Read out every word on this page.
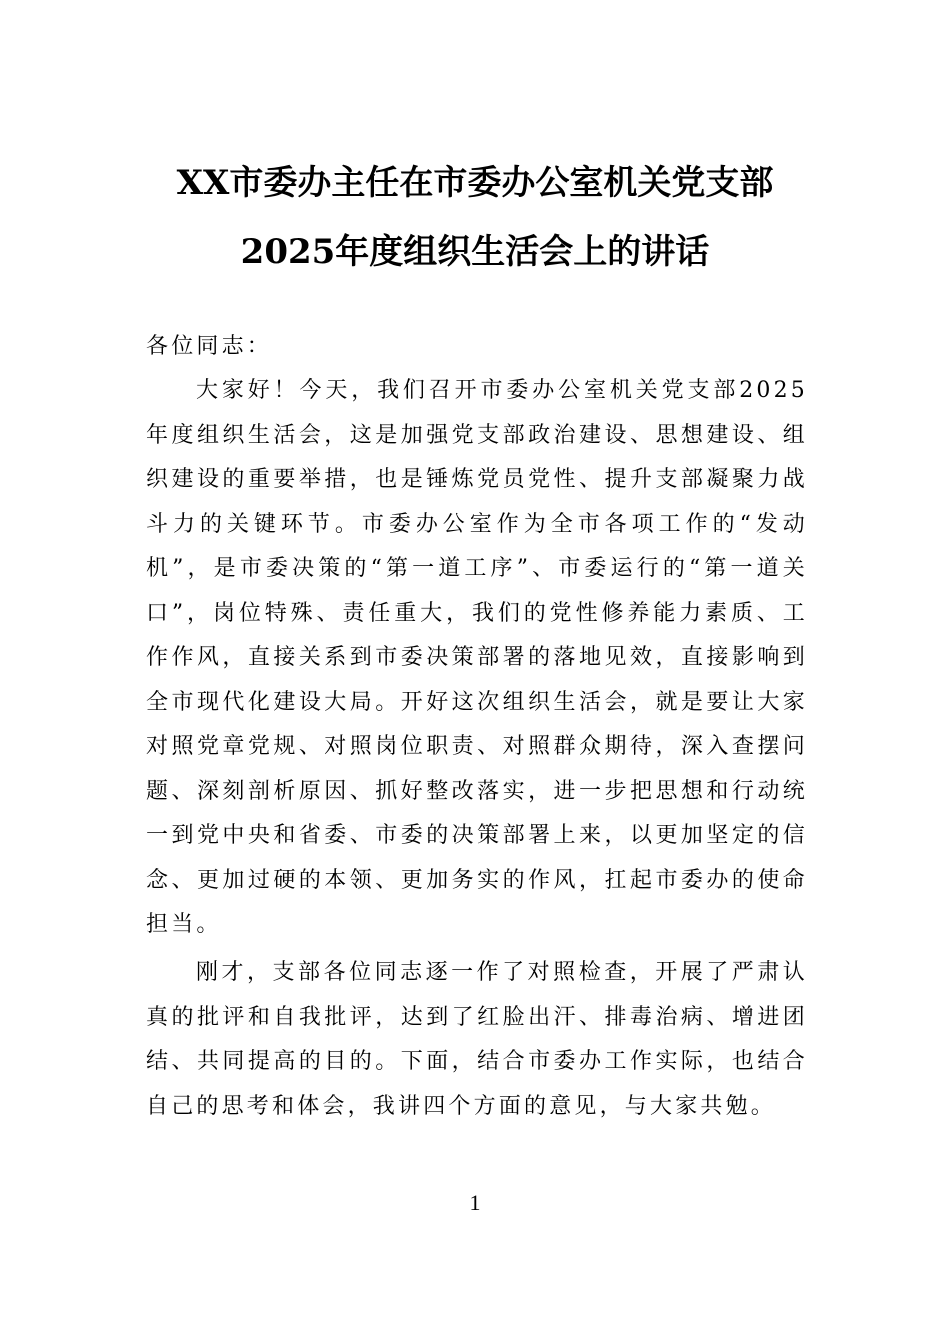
XX市委办主任在市委办公室机关党支部
2025年度组织生活会上的讲话
各位同志：
大家好！今天，我们召开市委办公室机关党支部2025年度组织生活会，这是加强党支部政治建设、思想建设、组织建设的重要举措，也是锤炼党员党性、提升支部凝聚力战斗力的关键环节。市委办公室作为全市各项工作的“发动机”，是市委决策的“第一道工序”、市委运行的“第一道关口”，岗位特殊、责任重大，我们的党性修养能力素质、工作作风，直接关系到市委决策部署的落地见效，直接影响到全市现代化建设大局。开好这次组织生活会，就是要让大家对照党章党规、对照岗位职责、对照群众期待，深入查摆问题、深刻剖析原因、抓好整改落实，进一步把思想和行动统一到党中央和省委、市委的决策部署上来，以更加坚定的信念、更加过硬的本领、更加务实的作风，扛起市委办的使命担当。
刚才，支部各位同志逐一作了对照检查，开展了严肃认真的批评和自我批评，达到了红脸出汗、排毒治病、增进团结、共同提高的目的。下面，结合市委办工作实际，也结合自己的思考和体会，我讲四个方面的意见，与大家共勉。
1
